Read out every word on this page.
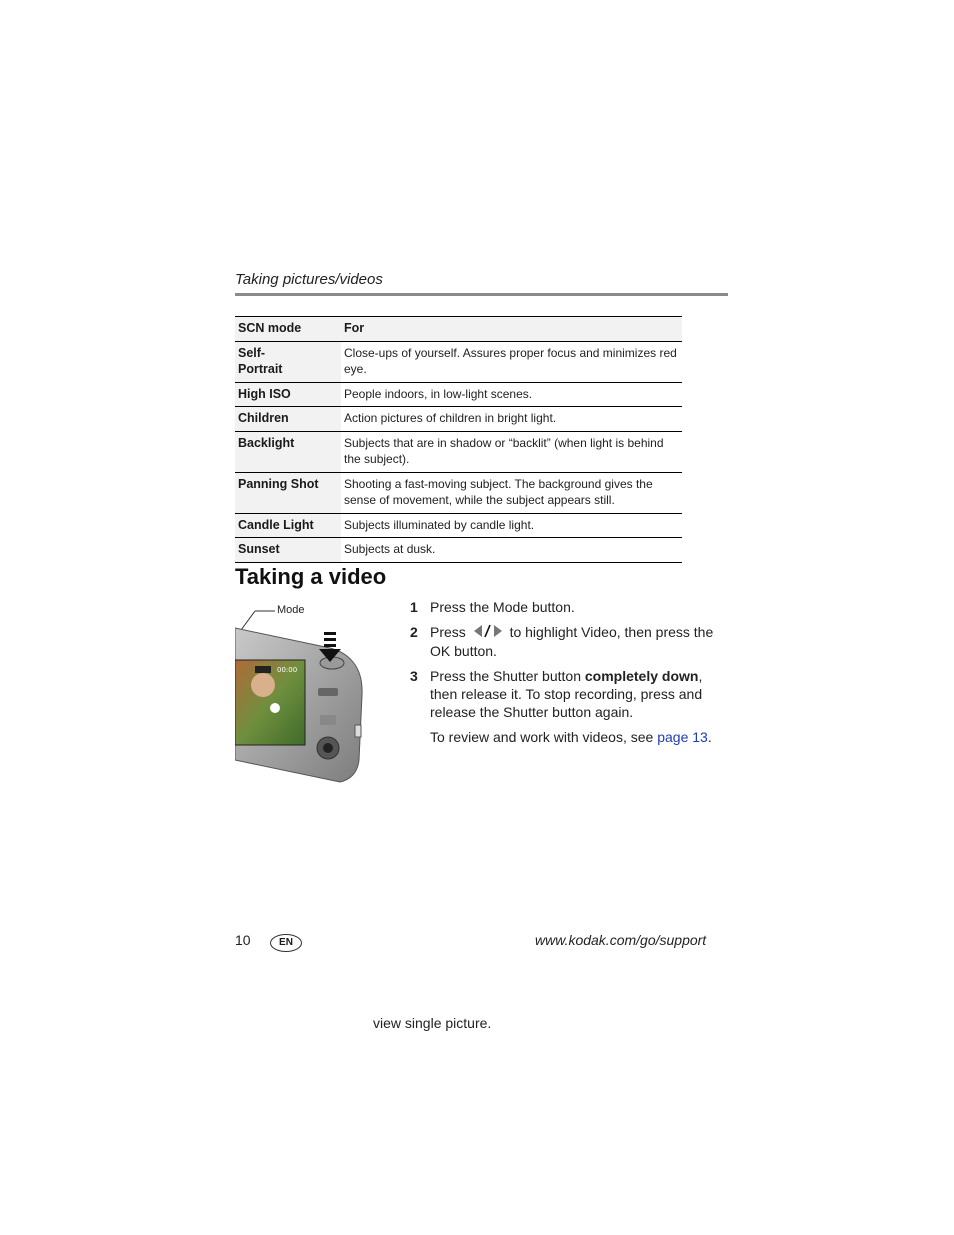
Taking pictures/videos
SCN mode	For
Self-
Portrait	Close-ups of yourself. Assures proper focus and minimizes red eye.
High ISO	People indoors, in low-light scenes.
Children	Action pictures of children in bright light.
Backlight	Subjects that are in shadow or “backlit” (when light is behind the subject).
Panning Shot	Shooting a fast-moving subject. The background gives the sense of movement, while the subject appears still.
Candle Light	Subjects illuminated by candle light.
Sunset	Subjects at dusk.
Taking a video
00:00
Mode	1 Press the Mode button.
2 Press	to highlight Video, then press the OK button.
3 Press the Shutter button completely down, then release it. To stop recording, press and release the Shutter button again.
To review and work with videos, see page 13.
10	EN	www.kodak.com/go/support
view single picture.
